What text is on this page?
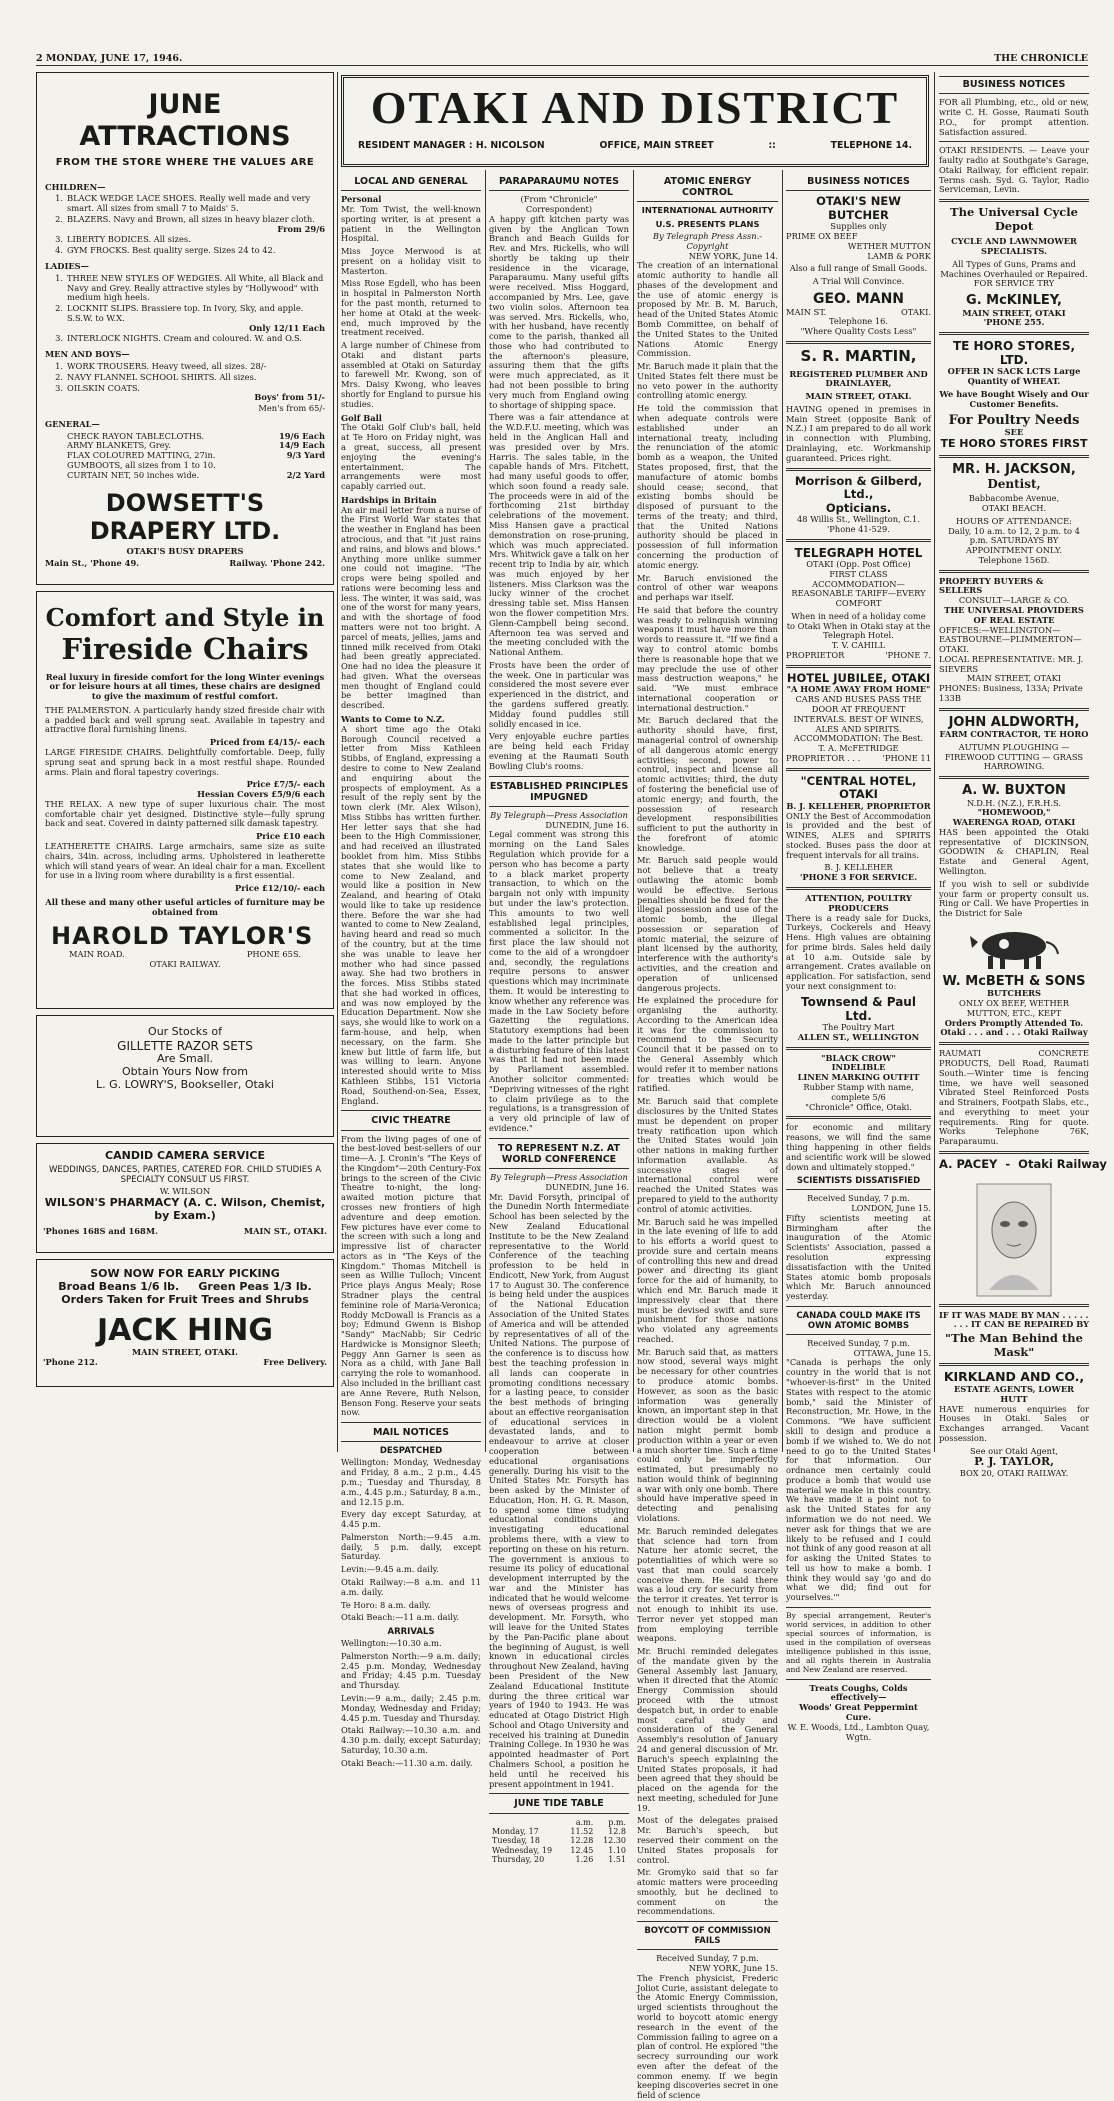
2 MONDAY, JUNE 17, 1946.	THE CHRONICLE
JUNE ATTRACTIONS
FROM THE STORE WHERE THE VALUES ARE
CHILDREN—
1. BLACK WEDGE LACE SHOES. Really well made and very smart. All sizes from small 7 to Maids' 5.
2. BLAZERS. Navy and Brown, all sizes in heavy blazer cloth.
From 29/6
3. LIBERTY BODICES. All sizes.
4. GYM FROCKS. Best quality serge. Sizes 24 to 42.
LADIES—
1. THREE NEW STYLES OF WEDGIES. All White, all Black and Navy and Grey. Really attractive styles by "Hollywood" with medium high heels.
2. LOCKNIT SLIPS. Brassiere top. In Ivory, Sky, and apple. S.S.W. to W.X.
Only 12/11 Each
3. INTERLOCK NIGHTS. Cream and coloured. W. and O.S.
MEN AND BOYS—
1. WORK TROUSERS. Heavy tweed, all sizes. 28/-
2. NAVY FLANNEL SCHOOL SHIRTS. All sizes.
3. OILSKIN COATS.
Boys' from 51/-
Men's from 65/-
GENERAL—
CHECK RAYON TABLECLOTHS.	19/6 Each
ARMY BLANKETS, Grey.	14/9 Each
FLAX COLOURED MATTING, 27in.	9/3 Yard
GUMBOOTS, all sizes from 1 to 10.
CURTAIN NET, 50 inches wide.	2/2 Yard
DOWSETT'S DRAPERY LTD.
OTAKI'S BUSY DRAPERS
Main St., 'Phone 49.	Railway. 'Phone 242.
Comfort and Style in
Fireside Chairs

Real luxury in fireside comfort for the long Winter evenings or for leisure hours at all times, these chairs are designed to give the maximum of restful comfort.

THE PALMERSTON. A particularly handy sized fireside chair with a padded back and well sprung seat. Available in tapestry and attractive floral furnishing linens.

Priced from £4/15/- each

LARGE FIRESIDE CHAIRS. Delightfully comfortable. Deep, fully sprung seat and sprung back in a most restful shape. Rounded arms. Plain and floral tapestry coverings.

Price £7/5/- each
Hessian Covers £5/9/6 each

THE RELAX. A new type of super luxurious chair. The most comfortable chair yet designed. Distinctive style—fully sprung back and seat. Covered in dainty patterned silk damask tapestry.

Price £10 each

LEATHERETTE CHAIRS. Large armchairs, same size as suite chairs, 34in. across, including arms. Upholstered in leatherette which will stand years of wear. An ideal chair for a man. Excellent for use in a living room where durability is a first essential.

Price £12/10/- each
All these and many other useful articles of furniture may be obtained from
HAROLD TAYLOR'S
MAIN ROAD.	PHONE 65S.
OTAKI RAILWAY.
Our Stocks of
GILLETTE RAZOR SETS
Are Small.
Obtain Yours Now from
L. G. LOWRY'S, Bookseller, Otaki
CANDID CAMERA SERVICE
WEDDINGS, DANCES, PARTIES, CATERED FOR. CHILD STUDIES A SPECIALTY CONSULT US FIRST.
W. WILSON
WILSON'S PHARMACY (A. C. Wilson, Chemist, by Exam.)
'Phones 168S and 168M.	MAIN ST., OTAKI.
SOW NOW FOR EARLY PICKING
Broad Beans 1/6 lb.     Green Peas 1/3 lb.
Orders Taken for Fruit Trees and Shrubs
JACK HING
MAIN STREET, OTAKI.
'Phone 212.	Free Delivery.
OTAKI AND DISTRICT
RESIDENT MANAGER : H. NICOLSON	OFFICE, MAIN STREET	::	TELEPHONE 14.
LOCAL AND GENERAL
Personal

Mr. Tom Twist, the well-known sporting writer, is at present a patient in the Wellington Hospital.

Miss Joyce Merwood is at present on a holiday visit to Masterton.

Miss Rose Egdell, who has been in hospital in Palmerston North for the past month, returned to her home at Otaki at the week-end, much improved by the treatment received.

A large number of Chinese from Otaki and distant parts assembled at Otaki on Saturday to farewell Mr. Kwong, son of Mrs. Daisy Kwong, who leaves shortly for England to pursue his studies.

Golf Ball

The Otaki Golf Club's ball, held at Te Horo on Friday night, was a great, success, all present enjoying the evening's entertainment. The arrangements were most capably carried out.

Hardships in Britain

An air mail letter from a nurse of the First World War states that the weather in England has been atrocious, and that "it just rains and rains, and blows and blows." Anything more unlike summer one could not imagine. "The crops were being spoiled and rations were becoming less and less. The winter, it was said, was one of the worst for many years, and with the shortage of food matters were not too bright. A parcel of meats, jellies, jams and tinned milk received from Otaki had been greatly appreciated. One had no idea the pleasure it had given. What the overseas men thought of England could be better imagined than described.

Wants to Come to N.Z.

A short time ago the Otaki Borough Council received a letter from Miss Kathleen Stibbs, of England, expressing a desire to come to New Zealand and enquiring about the prospects of employment. As a result of the reply sent by the town clerk (Mr. Alex Wilson), Miss Stibbs has written further. Her letter says that she had been to the High Commissioner, and had received an illustrated booklet from him. Miss Stibbs states that she would like to come to New Zealand, and would like a position in New Zealand, and hearing of Otaki would like to take up residence there. Before the war she had wanted to come to New Zealand, having heard and read so much of the country, but at the time she was unable to leave her mother who had since passed away. She had two brothers in the forces. Miss Stibbs stated that she had worked in offices, and was now employed by the Education Department. Now she says, she would like to work on a farm-house, and help, when necessary, on the farm. She knew but little of farm life, but was willing to learn. Anyone interested should write to Miss Kathleen Stibbs, 151 Victoria Road, Southend-on-Sea, Essex, England.

CIVIC THEATRE

From the living pages of one of the best-loved best-sellers of our time—A. J. Cronin's "The Keys of the Kingdom"—20th Century-Fox brings to the screen of the Civic Theatre to-night, the long-awaited motion picture that crosses new frontiers of high adventure and deep emotion. Few pictures have ever come to the screen with such a long and impressive list of character actors as in "The Keys of the Kingdom." Thomas Mitchell is seen as Willie Tulloch; Vincent Price plays Angus Mealy; Rose Stradner plays the central feminine role of Maria-Veronica; Roddy McDowall is Francis as a boy; Edmund Gwenn is Bishop "Sandy" MacNabb; Sir Cedric Hardwicke is Monsignor Sleeth; Peggy Ann Garner is seen as Nora as a child, with Jane Ball carrying the role to womanhood. Also included in the brilliant cast are Anne Revere, Ruth Nelson, Benson Fong. Reserve your seats now.

MAIL NOTICES
DESPATCHED

Wellington: Monday, Wednesday and Friday, 8 a.m., 2 p.m., 4.45 p.m.; Tuesday and Thursday, 8 a.m., 4.45 p.m.; Saturday, 8 a.m., and 12.15 p.m.

Every day except Saturday, at 4.45 p.m.

Palmerston North:—9.45 a.m. daily, 5 p.m. daily, except Saturday.

Levin:—9.45 a.m. daily.

Otaki Railway:—8 a.m. and 11 a.m. daily.

Te Horo: 8 a.m. daily.

Otaki Beach:—11 a.m. daily.

ARRIVALS

Wellington:—10.30 a.m.

Palmerston North:—9 a.m. daily; 2.45 p.m. Monday, Wednesday and Friday; 4.45 p.m. Tuesday and Thursday.

Levin:—9 a.m., daily; 2.45 p.m. Monday, Wednesday and Friday; 4.45 p.m. Tuesday and Thursday.

Otaki Railway:—10.30 a.m. and 4.30 p.m. daily, except Saturday; Saturday, 10.30 a.m.

Otaki Beach:—11.30 a.m. daily.

PARAPARAUMU NOTES
(From "Chronicle" Correspondent)

A happy gift kitchen party was given by the Anglican Town Branch and Beach Guilds for Rev. and Mrs. Rickells, who will shortly be taking up their residence in the vicarage, Paraparaumu. Many useful gifts were received. Miss Hoggard, accompanied by Mrs. Lee, gave two violin solos. Afternoon tea was served. Mrs. Rickells, who, with her husband, have recently come to the parish, thanked all those who had contributed to the afternoon's pleasure, assuring them that the gifts were much appreciated, as it had not been possible to bring very much from England owing to shortage of shipping space.

There was a fair attendance at the W.D.F.U. meeting, which was held in the Anglican Hall and was presided over by Mrs. Harris. The sales table, in the capable hands of Mrs. Fitchett, had many useful goods to offer, which soon found a ready sale. The proceeds were in aid of the forthcoming 21st birthday celebrations of the movement. Miss Hansen gave a practical demonstration on rose-pruning, which was much appreciated. Mrs. Whitwick gave a talk on her recent trip to India by air, which was much enjoyed by her listeners. Miss Clarkson was the lucky winner of the crochet dressing table set. Miss Hansen won the flower competition Mrs. Glenn-Campbell being second. Afternoon tea was served and the meeting concluded with the National Anthem.

Frosts have been the order of the week. One in particular was considered the most severe ever experienced in the district, and the gardens suffered greatly. Midday found puddles still solidly encased in ice.

Very enjoyable euchre parties are being held each Friday evening at the Raumati South Bowling Club's rooms.

ESTABLISHED PRINCIPLES IMPUGNED
By Telegraph—Press Association
DUNEDIN, June 16.

Legal comment was strong this morning on the Land Sales Regulation which provide for a person who has become a party to a black market property transaction, to which on the bargain not only with impunity but under the law's protection. This amounts to two well established legal principles, commented a solicitor. In the first place the law should not come to the aid of a wrongdoer and, secondly, the regulations require persons to answer questions which may incriminate them. It would be interesting to know whether any reference was made in the Law Society before Gazetting the regulations. Statutory exemptions had been made to the latter principle but a disturbing feature of this latest was that it had not been made by Parliament assembled. Another solicitor commented: "Depriving witnesses of the right to claim privilege as to the regulations, is a transgression of a very old principle of law of evidence."

TO REPRESENT N.Z. AT WORLD CONFERENCE
By Telegraph—Press Association
DUNEDIN, June 16.

Mr. David Forsyth, principal of the Dunedin North Intermediate School has been selected by the New Zealand Educational Institute to be the New Zealand representative to the World Conference of the teaching profession to be held in Endicott, New York, from August 17 to August 30. The conference is being held under the auspices of the National Education Association of the United States of America and will be attended by representatives of all of the United Nations. The purpose of the conference is to discuss how best the teaching profession in all lands can cooperate in promoting conditions necessary for a lasting peace, to consider the best methods of bringing about an effective reorganisation of educational services in devastated lands, and to endeavour to arrive at closer cooperation between educational organisations generally. During his visit to the United States Mr. Forsyth has been asked by the Minister of Education, Hon. H. G. R. Mason, to spend some time studying educational conditions and investigating educational problems there, with a view to reporting on these on his return. The government is anxious to resume its policy of educational development interrupted by the war and the Minister has indicated that he would welcome news of overseas progress and development. Mr. Forsyth, who will leave for the United States by the Pan-Pacific plane about the beginning of August, is well known in educational circles throughout New Zealand, having been President of the New Zealand Educational Institute during the three critical war years of 1940 to 1943. He was educated at Otago District High School and Otago University and received his training at Dunedin Training College. In 1930 he was appointed headmaster of Port Chalmers School, a position he held until he received his present appointment in 1941.

JUNE TIDE TABLE
	a.m.	p.m.
Monday, 17	11.52	12.8
Tuesday, 18	12.28	12.30
Wednesday, 19	12.45	1.10
Thursday, 20	1.26	1.51
ATOMIC ENERGY CONTROL
INTERNATIONAL AUTHORITY
U.S. PRESENTS PLANS
By Telegraph Press Assn.-Copyright
NEW YORK, June 14.

The creation of an international atomic authority to handle all phases of the development and the use of atomic energy is proposed by Mr. B. M. Baruch, head of the United States Atomic Bomb Committee, on behalf of the United States to the United Nations Atomic Energy Commission.

Mr. Baruch made it plain that the United States felt there must be no veto power in the authority controlling atomic energy.

He told the commission that when adequate controls were established under an international treaty, including the renunciation of the atomic bomb as a weapon, the United States proposed, first, that the manufacture of atomic bombs should cease; second, that existing bombs should be disposed of pursuant to the terms of the treaty; and third, that the United Nations authority should be placed in possession of full information concerning the production of atomic energy.

Mr. Baruch envisioned the control of other war weapons and perhaps war itself.

He said that before the country was ready to relinquish winning weapons it must have more than words to reassure it. "If we find a way to control atomic bombs there is reasonable hope that we may preclude the use of other mass destruction weapons," he said. "We must embrace international cooperation or international destruction."

Mr. Baruch declared that the authority should have, first, managerial control of ownership of all dangerous atomic energy activities; second, power to control, inspect and license all atomic activities; third, the duty of fostering the beneficial use of atomic energy; and fourth, the possession of research development responsibilities sufficient to put the authority in the forefront of atomic knowledge.

Mr. Baruch said people would not believe that a treaty outlawing the atomic bomb would be effective. Serious penalties should be fixed for the illegal possession and use of the atomic bomb, the illegal possession or separation of atomic material, the seizure of plant licensed by the authority, interference with the authority's activities, and the creation and operation of unlicensed dangerous projects.

He explained the procedure for organising the authority. According to the American idea it was for the commission to recommend to the Security Council that it be passed on to the General Assembly which would refer it to member nations for treaties which would be ratified.

Mr. Baruch said that complete disclosures by the United States must be dependent on proper treaty ratification upon which the United States would join other nations in making further information available. As successive stages of international control were reached the United States was prepared to yield to the authority control of atomic activities.

Mr. Baruch said he was impelled in the late evening of life to add to his efforts a world quest to provide sure and certain means of controlling this new and dread power and directing its giant force for the aid of humanity, to which end Mr. Baruch made it impressively clear that there must be devised swift and sure punishment for those nations who violated any agreements reached.

Mr. Baruch said that, as matters now stood, several ways might be necessary for other countries to produce atomic bombs. However, as soon as the basic information was generally known, an important step in that direction would be a violent nation might permit bomb production within a year or even a much shorter time. Such a time could only be imperfectly estimated, but presumably no nation would think of beginning a war with only one bomb. There should have imperative speed in detecting and penalising violations.

Mr. Baruch reminded delegates that science had torn from Nature her atomic secret, the potentialities of which were so vast that man could scarcely conceive them. He said there was a loud cry for security from the terror it creates. Yet terror is not enough to inhibit its use. Terror never yet stopped man from employing terrible weapons.

Mr. Bruchi reminded delegates of the mandate given by the General Assembly last January, when it directed that the Atomic Energy Commission should proceed with the utmost despatch but, in order to enable most careful study and consideration of the General Assembly's resolution of January 24 and general discussion of Mr. Baruch's speech explaining the United States proposals, it had been agreed that they should be placed on the agenda for the next meeting, scheduled for June 19.

Most of the delegates praised Mr. Baruch's speech, but reserved their comment on the United States proposals for control.

Mr. Gromyko said that so far atomic matters were proceeding smoothly, but he declined to comment on the recommendations.

BOYCOTT OF COMMISSION FAILS
Received Sunday, 7 p.m.
NEW YORK, June 15.

The French physicist, Frederic Joliot Curie, assistant delegate to the Atomic Energy Commission, urged scientists throughout the world to boycott atomic energy research in the event of the Commission failing to agree on a plan of control. He explored "the secrecy surrounding our work even after the defeat of the common enemy. If we begin keeping discoveries secret in one field of science

BUSINESS NOTICES
OTAKI'S NEW BUTCHER
Supplies only
PRIME OX BEEF
WETHER MUTTON
LAMB & PORK
Also a full range of Small Goods.
A Trial Will Convince.
GEO. MANN
MAIN ST.	OTAKI.
Telephone 16.
"Where Quality Costs Less"
S. R. MARTIN,
REGISTERED PLUMBER AND DRAINLAYER,
MAIN STREET, OTAKI.

HAVING opened in premises in Main Street (opposite Bank of N.Z.) I am prepared to do all work in connection with Plumbing, Drainlaying, etc. Workmanship guaranteed. Prices right.

Morrison & Gilberd, Ltd.,
Opticians.
48 Willis St., Wellington, C.1.
'Phone 41-529.
TELEGRAPH HOTEL
OTAKI (Opp. Post Office)
FIRST CLASS ACCOMMODATION—REASONABLE TARIFF—EVERY COMFORT
When in need of a holiday come to Otaki When in Otaki stay at the Telegraph Hotel.
T. V. CAHILL
PROPRIETOR	'PHONE 7.
HOTEL JUBILEE, OTAKI
"A HOME AWAY FROM HOME"
CARS AND BUSES PASS THE DOOR AT FREQUENT INTERVALS. BEST OF WINES, ALES AND SPIRITS.
ACCOMMODATION: The Best.
T. A. McFETRIDGE
PROPRIETOR . . .	'PHONE 11
"CENTRAL HOTEL, OTAKI
B. J. KELLEHER, PROPRIETOR

ONLY the Best of Accommodation is provided and the best of WINES, ALES and SPIRITS stocked. Buses pass the door at frequent intervals for all trains.

B. J. KELLEHER
'PHONE 3 FOR SERVICE.
ATTENTION, POULTRY PRODUCERS

There is a ready sale for Ducks, Turkeys, Cockerels and Heavy Hens. High values are obtaining for prime birds. Sales held daily at 10 a.m. Outside sale by arrangement. Crates available on application. For satisfaction, send your next consignment to:

Townsend & Paul Ltd.
The Poultry Mart
ALLEN ST., WELLINGTON
"BLACK CROW"
INDELIBLE
LINEN MARKING OUTFIT
Rubber Stamp with name, complete 5/6
"Chronicle" Office, Otaki.

for economic and military reasons, we will find the same thing happening in other fields and scientific work will be slowed down and ultimately stopped."

SCIENTISTS DISSATISFIED
Received Sunday, 7 p.m.
LONDON, June 15.

Fifty scientists meeting at Birmingham after the inauguration of the Atomic Scientists' Association, passed a resolution expressing dissatisfaction with the United States atomic bomb proposals which Mr. Baruch announced yesterday.

CANADA COULD MAKE ITS OWN ATOMIC BOMBS
Received Sunday, 7 p.m.
OTTAWA, June 15.

"Canada is perhaps the only country in the world that is not "whoever-is-first" in the United States with respect to the atomic bomb," said the Minister of Reconstruction, Mr. Howe, in the Commons. "We have sufficient skill to design and produce a bomb if we wished to. We do not need to go to the United States for that information. Our ordnance men certainly could produce a bomb that would use material we make in this country. We have made it a point not to ask the United States for any information we do not need. We never ask for things that we are likely to be refused and I could not think of any good reason at all for asking the United States to tell us how to make a bomb. I think they would say 'go and do what we did; find out for yourselves.'"

By special arrangement, Reuter's world services, in addition to other special sources of information, is used in the compilation of overseas intelligence published in this issue, and all rights therein in Australia and New Zealand are reserved.

Treats Coughs, Colds effectively—
Woods' Great Peppermint Cure.
W. E. Woods, Ltd., Lambton Quay, Wgtn.
BUSINESS NOTICES

FOR all Plumbing, etc., old or new, write C. H. Gosse, Raumati South P.O., for prompt attention. Satisfaction assured.

OTAKI RESIDENTS. — Leave your faulty radio at Southgate's Garage, Otaki Railway, for efficient repair. Terms cash. Syd. G. Taylor, Radio Serviceman, Levin.

The Universal Cycle Depot
CYCLE AND LAWNMOWER SPECIALISTS.
All Types of Guns, Prams and Machines Overhauled or Repaired.
FOR SERVICE TRY
G. McKINLEY,
MAIN STREET, OTAKI
'PHONE 255.
TE HORO STORES, LTD.
OFFER IN SACK LCTS Large Quantity of WHEAT.
We have Bought Wisely and Our Customer Benefits.
For Poultry Needs
SEE
TE HORO STORES FIRST
MR. H. JACKSON,
Dentist,
Babbacombe Avenue,
OTAKI BEACH.
HOURS OF ATTENDANCE:
Daily, 10 a.m. to 12, 2 p.m. to 4 p.m. SATURDAYS BY APPOINTMENT ONLY.
Telephone 156D.
PROPERTY BUYERS & SELLERS
CONSULT—LARGE & CO.
THE UNIVERSAL PROVIDERS OF REAL ESTATE
OFFICES:—WELLINGTON—EASTBOURNE—PLIMMERTON—OTAKI.
LOCAL REPRESENTATIVE: MR. J. SIEVERS
MAIN STREET, OTAKI
PHONES: Business, 133A; Private 133B
JOHN ALDWORTH,
FARM CONTRACTOR, TE HORO
AUTUMN PLOUGHING — FIREWOOD CUTTING — GRASS HARROWING.
A. W. BUXTON
N.D.H. (N.Z.), F.R.H.S.
"HOMEWOOD,"
WAERENGA ROAD, OTAKI

HAS been appointed the Otaki representative of DICKINSON, GOODWIN & CHAPLIN, Real Estate and General Agent, Wellington.

If you wish to sell or subdivide your farm or property consult us. Ring or Call. We have Properties in the District for Sale

W. McBETH & SONS
BUTCHERS
ONLY OX BEEF, WETHER MUTTON, ETC., KEPT
Orders Promptly Attended To.
Otaki . . . and . . . Otaki Railway

RAUMATI CONCRETE PRODUCTS, Dell Road, Raumati South.—Winter time is fencing time, we have well seasoned Vibrated Steel Reinforced Posts and Strainers, Footpath Slabs, etc., and everything to meet your requirements. Ring for quote. Works Telephone 76K, Paraparaumu.

A. PACEY  -  Otaki Railway
IF IT WAS MADE BY MAN . . . . .
. . . IT CAN BE REPAIRED BY
"The Man Behind the Mask"
KIRKLAND AND CO.,
ESTATE AGENTS, LOWER HUTT

HAVE numerous enquiries for Houses in Otaki. Sales or Exchanges arranged. Vacant possession.

See our Otaki Agent,
P. J. TAYLOR,
BOX 20, OTAKI RAILWAY.
